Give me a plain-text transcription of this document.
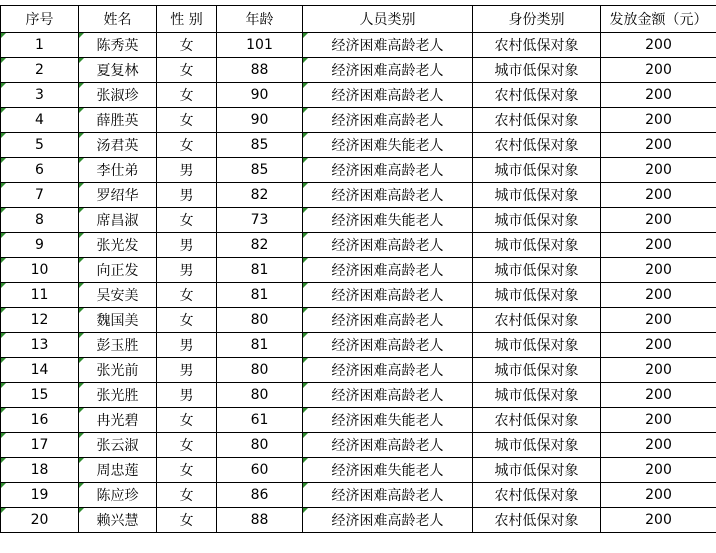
序号	姓名	性 别	年龄	人员类别	身份类别	发放金额（元）
1	陈秀英	女	101	经济困难高龄老人	农村低保对象	200
2	夏复林	女	88	经济困难高龄老人	城市低保对象	200
3	张淑珍	女	90	经济困难高龄老人	农村低保对象	200
4	薛胜英	女	90	经济困难高龄老人	农村低保对象	200
5	汤君英	女	85	经济困难失能老人	农村低保对象	200
6	李仕弟	男	85	经济困难高龄老人	城市低保对象	200
7	罗绍华	男	82	经济困难高龄老人	城市低保对象	200
8	席昌淑	女	73	经济困难失能老人	城市低保对象	200
9	张光发	男	82	经济困难高龄老人	城市低保对象	200
10	向正发	男	81	经济困难高龄老人	城市低保对象	200
11	吴安美	女	81	经济困难高龄老人	城市低保对象	200
12	魏国美	女	80	经济困难高龄老人	农村低保对象	200
13	彭玉胜	男	81	经济困难高龄老人	城市低保对象	200
14	张光前	男	80	经济困难高龄老人	城市低保对象	200
15	张光胜	男	80	经济困难高龄老人	城市低保对象	200
16	冉光碧	女	61	经济困难失能老人	农村低保对象	200
17	张云淑	女	80	经济困难高龄老人	城市低保对象	200
18	周忠莲	女	60	经济困难失能老人	城市低保对象	200
19	陈应珍	女	86	经济困难高龄老人	农村低保对象	200
20	赖兴慧	女	88	经济困难高龄老人	农村低保对象	200
